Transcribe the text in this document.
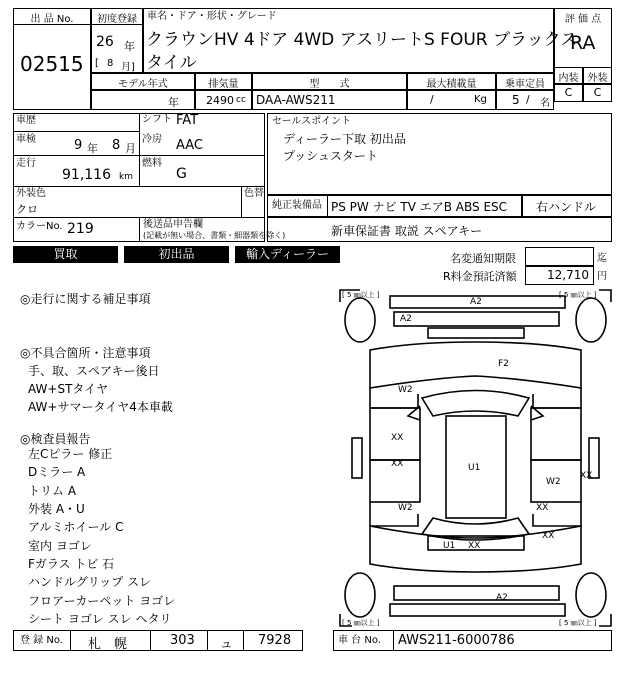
出 品 No.
02515
初度登録
26 年
[ 8 月]
車名・ドア・形状・グレード
クラウンHV 4ドア 4WD アスリートS FOUR ブラックス
タイル
評 価 点
RA
内装 外装
C	C
モデル年式
年
排気量
2490 cc
型　　式
DAA-AWS211
最大積載量
/	Kg
乗車定員
5 / 名
車歴	シフト FAT
車検	9 年 8 月
冷房 AAC
走行
91,116 km
燃料
G
外装色
クロ
色替
カラーNo. 219	後送品申告欄
(記載が無い場合、書類・細器類を除く)
セールスポイント
ディーラー下取 初出品
プッシュスタート
純正装備品 PS PW ナビ TV エアB ABS ESC 右ハンドル
新車保証書 取説 スペアキー
買取	初出品	輸入ディーラー	名変通知期限	迄
R料金預託済額	12,710 円
◎走行に関する補足事項
◎不具合箇所・注意事項
手、取、スペアキー後日
AW+STタイヤ
AW+サマータイヤ4本車載
◎検査員報告
左Cピラー 修正
Dミラー A
トリム A
外装 A・U
アルミホイール C
室内 ヨゴレ
Fガラス トビ 石
ハンドルグリップ スレ
フロアーカーペット ヨゴレ
シート ヨゴレ スレ ヘタリ
[ 5 ㎜以上 ]	[ 5 ㎜以上 ]
[ 5 ㎜以上 ]	[ 5 ㎜以上 ]
A2
A2
F2
W2
XX
XX	U1
W2
XX
W2	XX
XX
U1 XX
A2
登 録 No. 札　幌	303 ュ 7928	車 台 No. AWS211-6000786
